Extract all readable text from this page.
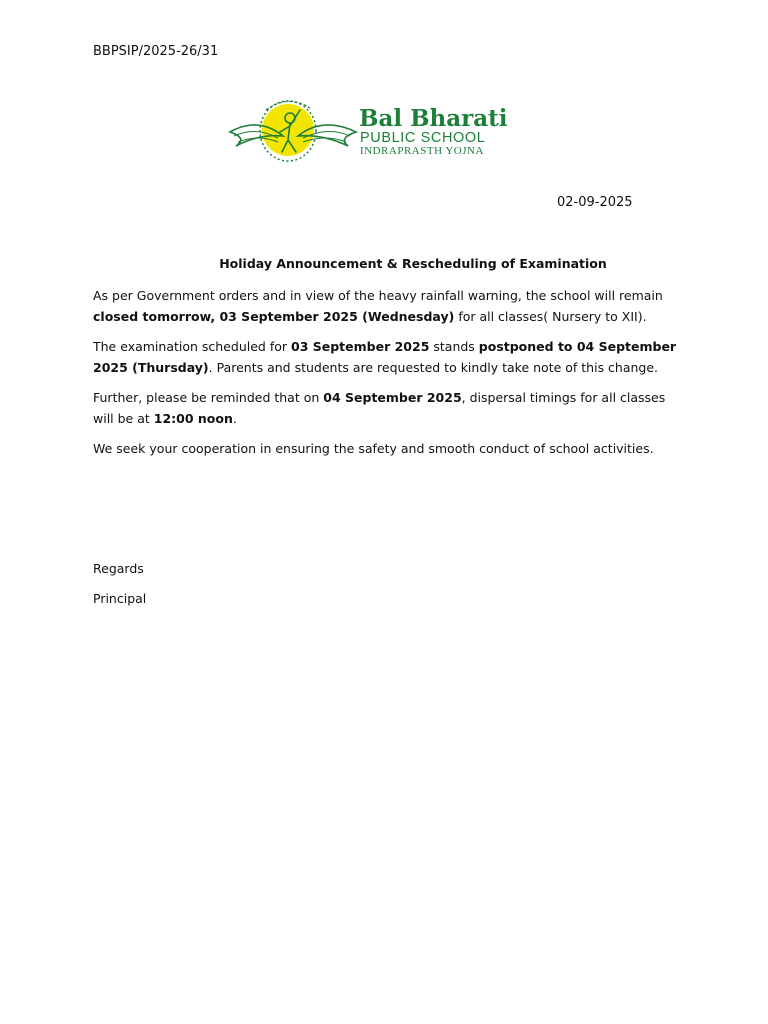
BBPSIP/2025-26/31
Bal Bharati
PUBLIC SCHOOL
INDRAPRASTH YOJNA
02-09-2025
Holiday Announcement & Rescheduling of Examination

As per Government orders and in view of the heavy rainfall warning, the school will remain closed tomorrow, 03 September 2025 (Wednesday) for all classes( Nursery to XII).

The examination scheduled for 03 September 2025 stands postponed to 04 September 2025 (Thursday). Parents and students are requested to kindly take note of this change.

Further, please be reminded that on 04 September 2025, dispersal timings for all classes will be at 12:00 noon.

We seek your cooperation in ensuring the safety and smooth conduct of school activities.

Regards
Principal
